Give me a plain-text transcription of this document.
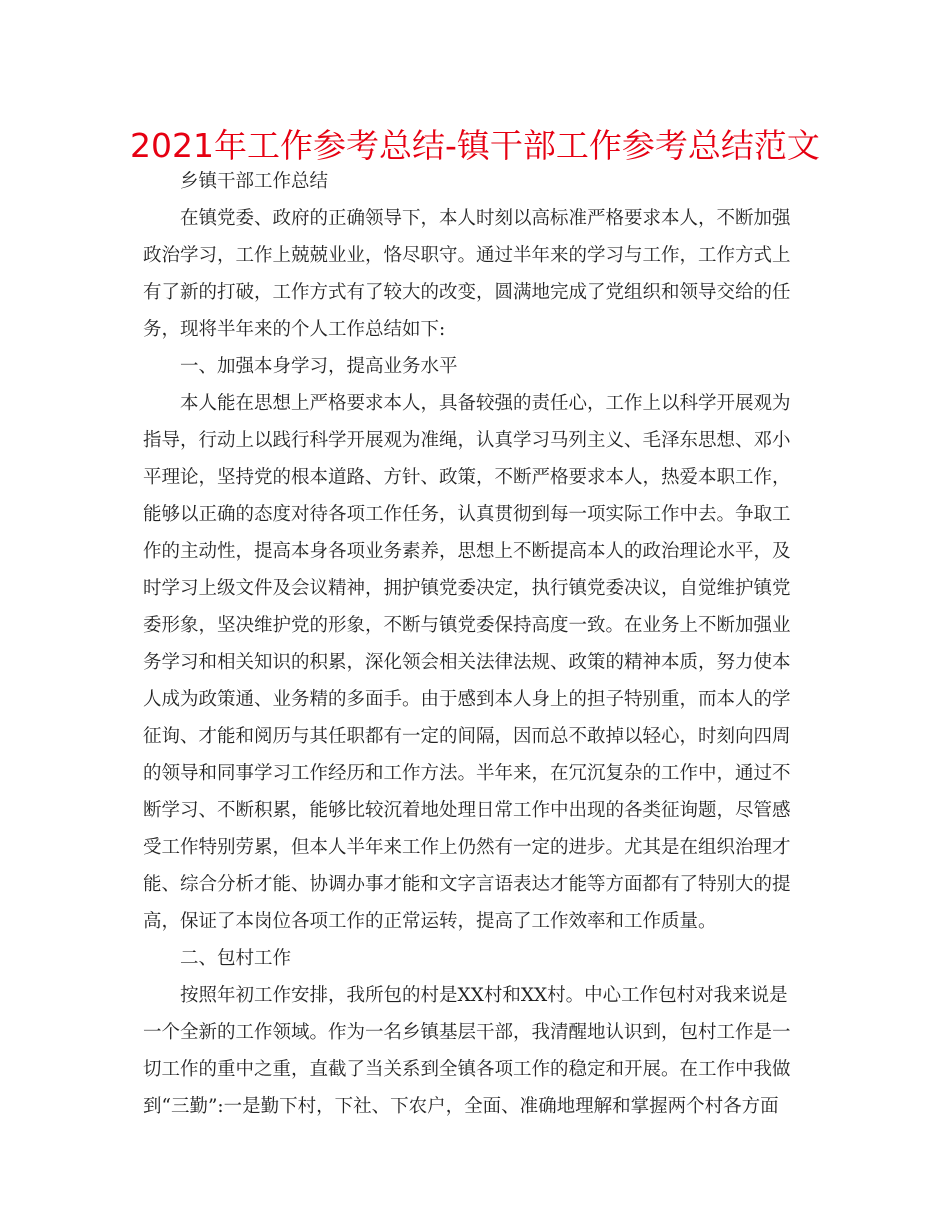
2021年工作参考总结-镇干部工作参考总结范文
乡镇干部工作总结
在镇党委、政府的正确领导下，本人时刻以高标准严格要求本人，不断加强
政治学习，工作上兢兢业业，恪尽职守。通过半年来的学习与工作，工作方式上
有了新的打破，工作方式有了较大的改变，圆满地完成了党组织和领导交给的任
务，现将半年来的个人工作总结如下:
一、加强本身学习，提高业务水平
本人能在思想上严格要求本人，具备较强的责任心，工作上以科学开展观为
指导，行动上以践行科学开展观为准绳，认真学习马列主义、毛泽东思想、邓小
平理论，坚持党的根本道路、方针、政策，不断严格要求本人，热爱本职工作，
能够以正确的态度对待各项工作任务，认真贯彻到每一项实际工作中去。争取工
作的主动性，提高本身各项业务素养，思想上不断提高本人的政治理论水平，及
时学习上级文件及会议精神，拥护镇党委决定，执行镇党委决议，自觉维护镇党
委形象，坚决维护党的形象，不断与镇党委保持高度一致。在业务上不断加强业
务学习和相关知识的积累，深化领会相关法律法规、政策的精神本质，努力使本
人成为政策通、业务精的多面手。由于感到本人身上的担子特别重，而本人的学
征询、才能和阅历与其任职都有一定的间隔，因而总不敢掉以轻心，时刻向四周
的领导和同事学习工作经历和工作方法。半年来，在冗沉复杂的工作中，通过不
断学习、不断积累，能够比较沉着地处理日常工作中出现的各类征询题，尽管感
受工作特别劳累，但本人半年来工作上仍然有一定的进步。尤其是在组织治理才
能、综合分析才能、协调办事才能和文字言语表达才能等方面都有了特别大的提
高，保证了本岗位各项工作的正常运转，提高了工作效率和工作质量。
二、包村工作
按照年初工作安排，我所包的村是XX村和XX村。中心工作包村对我来说是
一个全新的工作领域。作为一名乡镇基层干部，我清醒地认识到，包村工作是一
切工作的重中之重，直截了当关系到全镇各项工作的稳定和开展。在工作中我做
到“三勤”:一是勤下村，下社、下农户，全面、准确地理解和掌握两个村各方面
